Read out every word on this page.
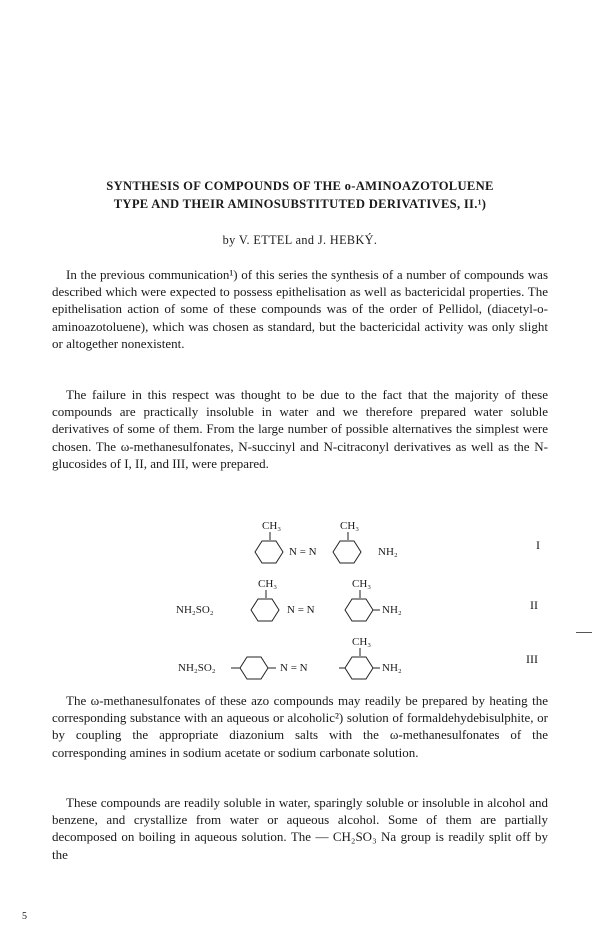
SYNTHESIS OF COMPOUNDS OF THE o-AMINOAZOTOLUENE
TYPE AND THEIR AMINOSUBSTITUTED DERIVATIVES, II.¹)
by V. ETTEL and J. HEBKÝ.

In the previous communication¹) of this series the synthesis of a number of compounds was described which were expected to possess epithelisation as well as bactericidal properties. The epithelisation action of some of these compounds was of the order of Pellidol, (diacetyl-o-aminoazotoluene), which was chosen as standard, but the bactericidal activity was only slight or altogether nonexistent.

The failure in this respect was thought to be due to the fact that the majority of these compounds are practically insoluble in water and we therefore prepared water soluble derivatives of some of them. From the large number of possible alternatives the simplest were chosen. The ω-methanesulfonates, N-succinyl and N-citraconyl derivatives as well as the N-glucosides of I, II, and III, were prepared.

CH₃	CH₃
N = N	NH₂	I
CH₃	CH₃
NH₂SO₂	N = N	NH₂	II
CH₃
NH₂SO₂	N = N	NH₂
III

The ω-methanesulfonates of these azo compounds may readily be prepared by heating the corresponding substance with an aqueous or alcoholic²) solution of formaldehydebisulphite, or by coupling the appropriate diazonium salts with the ω-methanesulfonates of the corresponding amines in sodium acetate or sodium carbonate solution.

These compounds are readily soluble in water, sparingly soluble or insoluble in alcohol and benzene, and crystallize from water or aqueous alcohol. Some of them are partially decomposed on boiling in aqueous solution. The — CH₂SO₃ Na group is readily split off by the

5
